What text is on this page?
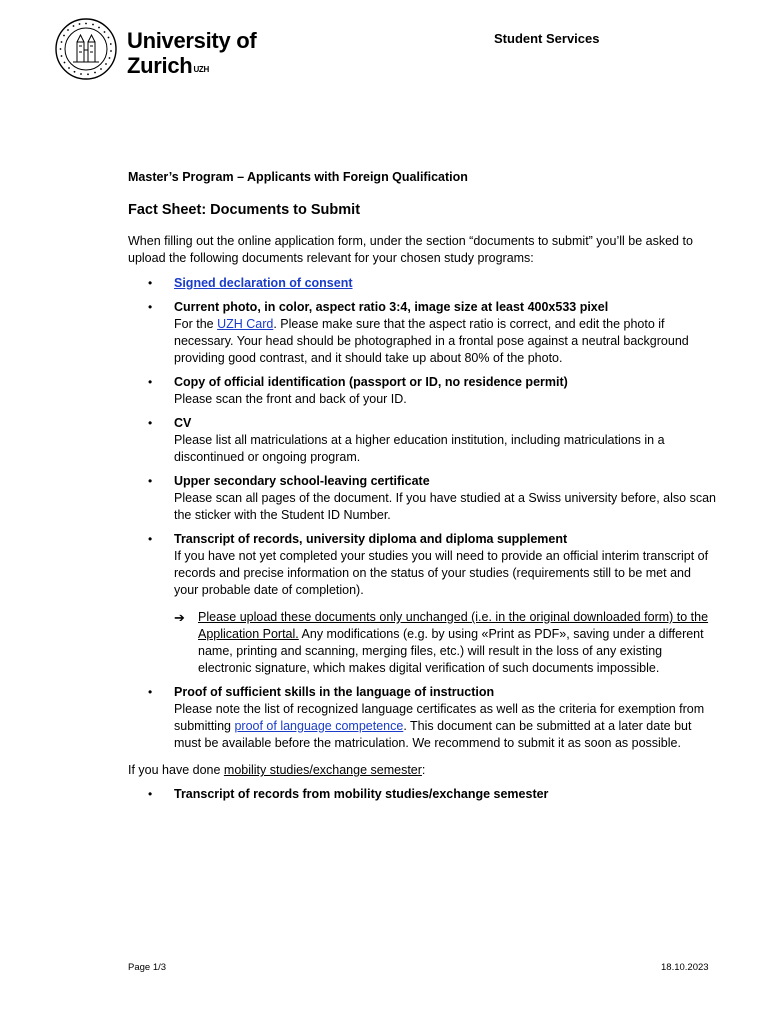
University of
Zurich$^{UZH}$
Student Services
Master’s Program – Applicants with Foreign Qualification
Fact Sheet: Documents to Submit
When filling out the online application form, under the section “documents to submit” you’ll be asked to upload the following documents relevant for your chosen study programs:
• Signed declaration of consent
• Current photo, in color, aspect ratio 3:4, image size at least 400x533 pixel
For the UZH Card. Please make sure that the aspect ratio is correct, and edit the photo if necessary. Your head should be photographed in a frontal pose against a neutral background providing good contrast, and it should take up about 80% of the photo.
• Copy of official identification (passport or ID, no residence permit)
Please scan the front and back of your ID.
• CV
Please list all matriculations at a higher education institution, including matriculations in a discontinued or ongoing program.
• Upper secondary school-leaving certificate
Please scan all pages of the document. If you have studied at a Swiss university before, also scan the sticker with the Student ID Number.
• Transcript of records, university diploma and diploma supplement
If you have not yet completed your studies you will need to provide an official interim transcript of records and precise information on the status of your studies (requirements still to be met and your probable date of completion).
➔ Please upload these documents only unchanged (i.e. in the original downloaded form) to the Application Portal. Any modifications (e.g. by using «Print as PDF», saving under a different name, printing and scanning, merging files, etc.) will result in the loss of any existing electronic signature, which makes digital verification of such documents impossible.
• Proof of sufficient skills in the language of instruction
Please note the list of recognized language certificates as well as the criteria for exemption from submitting proof of language competence. This document can be submitted at a later date but must be available before the matriculation. We recommend to submit it as soon as possible.
If you have done mobility studies/exchange semester:
• Transcript of records from mobility studies/exchange semester
Page 1/3	18.10.2023
